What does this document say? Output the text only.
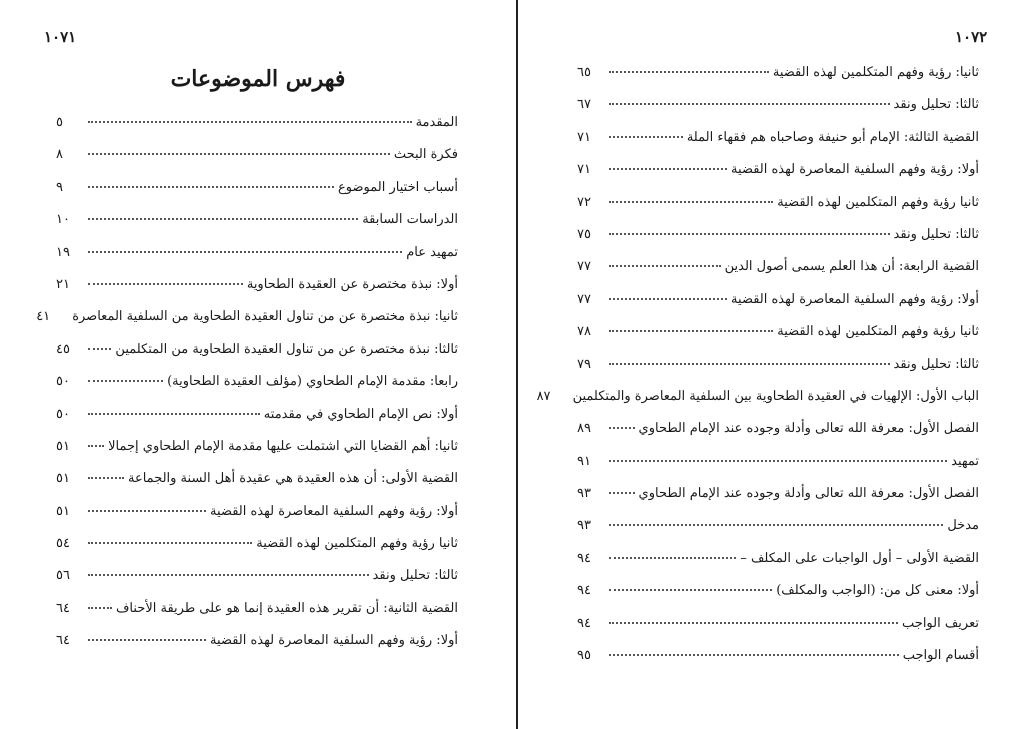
١٠٧١
فهرس الموضوعات
المقدمة
٥
فكرة البحث
٨
أسباب اختيار الموضوع
٩
الدراسات السابقة
١٠
تمهيد عام
١٩
أولا: نبذة مختصرة عن العقيدة الطحاوية
٢١
ثانيا: نبذة مختصرة عن من تناول العقيدة الطحاوية من السلفية المعاصرة
٤١
ثالثا: نبذة مختصرة عن من تناول العقيدة الطحاوية من المتكلمين
٤٥
رابعا: مقدمة الإمام الطحاوي (مؤلف العقيدة الطحاوية)
٥٠
أولا: نص الإمام الطحاوي في مقدمته
٥٠
ثانيا: أهم القضايا التي اشتملت عليها مقدمة الإمام الطحاوي إجمالا
٥١
القضية الأولى: أن هذه العقيدة هي عقيدة أهل السنة والجماعة
٥١
أولا: رؤية وفهم السلفية المعاصرة لهذه القضية
٥١
ثانيا رؤية وفهم المتكلمين لهذه القضية
٥٤
ثالثا: تحليل ونقد
٥٦
القضية الثانية: أن تقرير هذه العقيدة إنما هو على طريقة الأحناف
٦٤
أولا: رؤية وفهم السلفية المعاصرة لهذه القضية
٦٤
١٠٧٢
ثانيا: رؤية وفهم المتكلمين لهذه القضية
٦٥
ثالثا: تحليل ونقد
٦٧
القضية الثالثة: الإمام أبو حنيفة وصاحباه هم فقهاء الملة
٧١
أولا: رؤية وفهم السلفية المعاصرة لهذه القضية
٧١
ثانيا رؤية وفهم المتكلمين لهذه القضية
٧٢
ثالثا: تحليل ونقد
٧٥
القضية الرابعة: أن هذا العلم يسمى أصول الدين
٧٧
أولا: رؤية وفهم السلفية المعاصرة لهذه القضية
٧٧
ثانيا رؤية وفهم المتكلمين لهذه القضية
٧٨
ثالثا: تحليل ونقد
٧٩
الباب الأول: الإلهيات في العقيدة الطحاوية بين السلفية المعاصرة والمتكلمين
٨٧
الفصل الأول: معرفة الله تعالى وأدلة وجوده عند الإمام الطحاوي
٨٩
تمهيد
٩١
الفصل الأول: معرفة الله تعالى وأدلة وجوده عند الإمام الطحاوي
٩٣
مدخل
٩٣
القضية الأولى – أول الواجبات على المكلف –
٩٤
أولا: معنى كل من: (الواجب والمكلف)
٩٤
تعريف الواجب
٩٤
أقسام الواجب
٩٥
